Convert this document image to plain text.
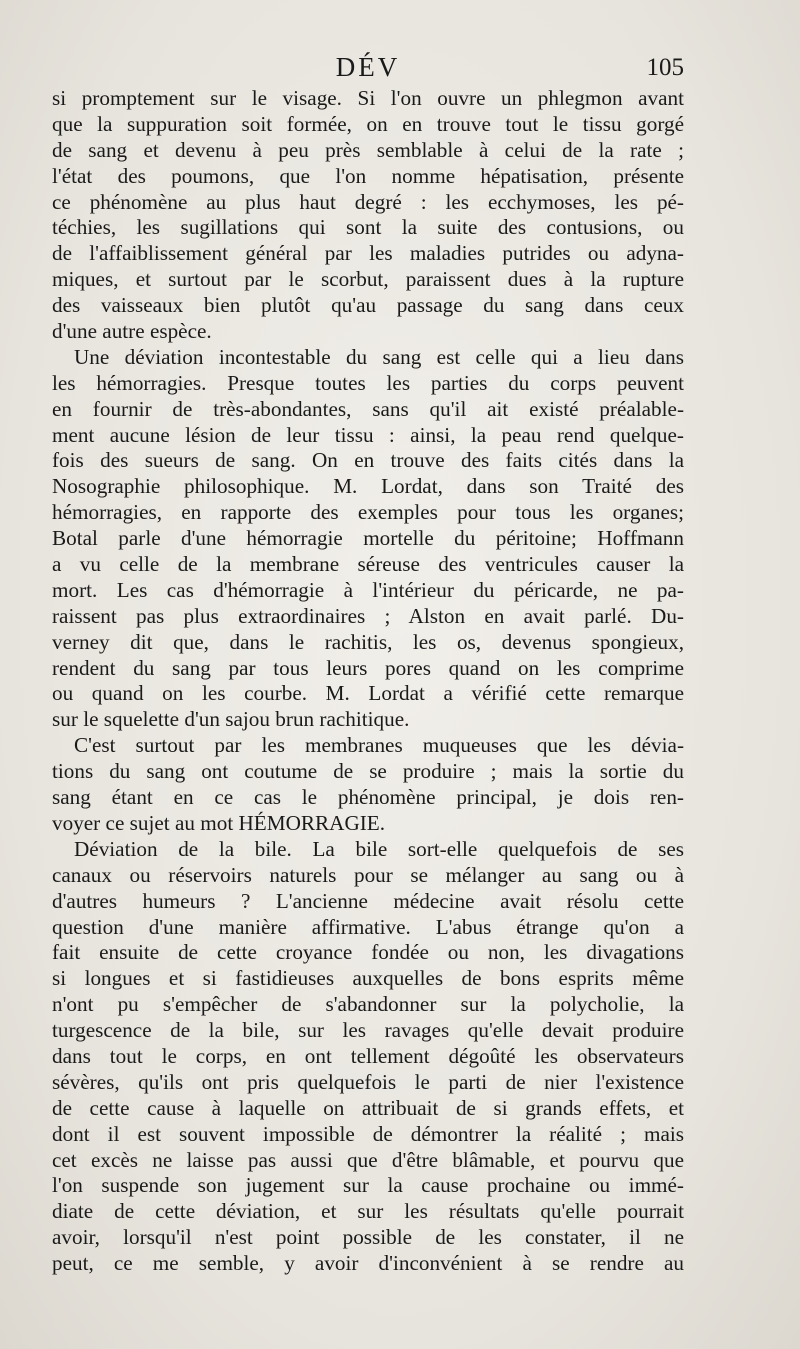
DÉV	105
si promptement sur le visage. Si l'on ouvre un phlegmon avant
que la suppuration soit formée, on en trouve tout le tissu gorgé
de sang et devenu à peu près semblable à celui de la rate ;
l'état des poumons, que l'on nomme hépatisation, présente
ce phénomène au plus haut degré : les ecchymoses, les pé-
téchies, les sugillations qui sont la suite des contusions, ou
de l'affaiblissement général par les maladies putrides ou adyna-
miques, et surtout par le scorbut, paraissent dues à la rupture
des vaisseaux bien plutôt qu'au passage du sang dans ceux
d'une autre espèce.
Une déviation incontestable du sang est celle qui a lieu dans
les hémorragies. Presque toutes les parties du corps peuvent
en fournir de très-abondantes, sans qu'il ait existé préalable-
ment aucune lésion de leur tissu : ainsi, la peau rend quelque-
fois des sueurs de sang. On en trouve des faits cités dans la
Nosographie philosophique. M. Lordat, dans son Traité des
hémorragies, en rapporte des exemples pour tous les organes;
Botal parle d'une hémorragie mortelle du péritoine; Hoffmann
a vu celle de la membrane séreuse des ventricules causer la
mort. Les cas d'hémorragie à l'intérieur du péricarde, ne pa-
raissent pas plus extraordinaires ; Alston en avait parlé. Du-
verney dit que, dans le rachitis, les os, devenus spongieux,
rendent du sang par tous leurs pores quand on les comprime
ou quand on les courbe. M. Lordat a vérifié cette remarque
sur le squelette d'un sajou brun rachitique.
C'est surtout par les membranes muqueuses que les dévia-
tions du sang ont coutume de se produire ; mais la sortie du
sang étant en ce cas le phénomène principal, je dois ren-
voyer ce sujet au mot HÉMORRAGIE.
Déviation de la bile. La bile sort-elle quelquefois de ses
canaux ou réservoirs naturels pour se mélanger au sang ou à
d'autres humeurs ? L'ancienne médecine avait résolu cette
question d'une manière affirmative. L'abus étrange qu'on a
fait ensuite de cette croyance fondée ou non, les divagations
si longues et si fastidieuses auxquelles de bons esprits même
n'ont pu s'empêcher de s'abandonner sur la polycholie, la
turgescence de la bile, sur les ravages qu'elle devait produire
dans tout le corps, en ont tellement dégoûté les observateurs
sévères, qu'ils ont pris quelquefois le parti de nier l'existence
de cette cause à laquelle on attribuait de si grands effets, et
dont il est souvent impossible de démontrer la réalité ; mais
cet excès ne laisse pas aussi que d'être blâmable, et pourvu que
l'on suspende son jugement sur la cause prochaine ou immé-
diate de cette déviation, et sur les résultats qu'elle pourrait
avoir, lorsqu'il n'est point possible de les constater, il ne
peut, ce me semble, y avoir d'inconvénient à se rendre au
